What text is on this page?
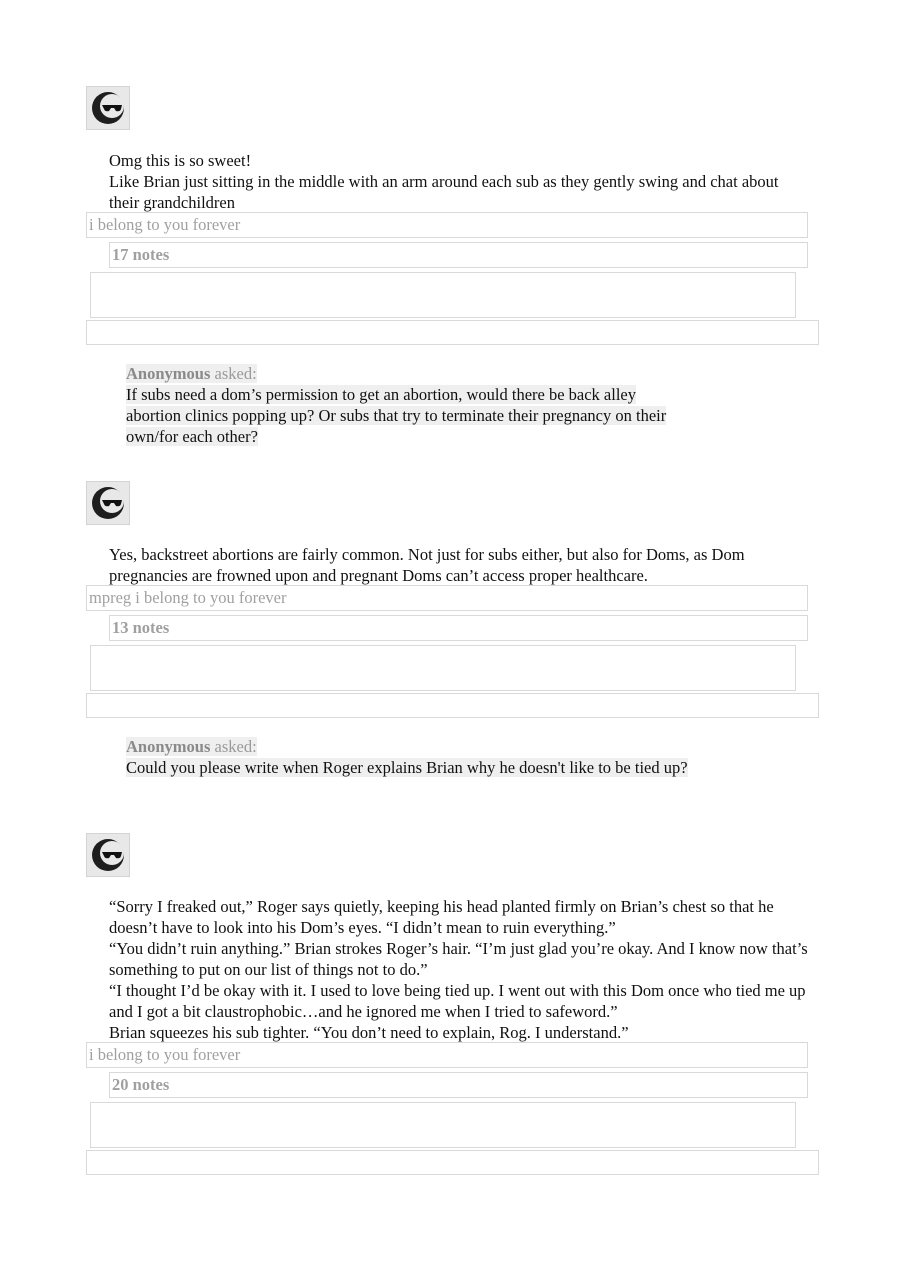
Omg this is so sweet!

Like Brian just sitting in the middle with an arm around each sub as they gently swing and chat about their grandchildren

i belong to you forever
17 notes
Anonymous asked:
If subs need a dom’s permission to get an abortion, would there be back alley abortion clinics popping up? Or subs that try to terminate their pregnancy on their own/for each other?

Yes, backstreet abortions are fairly common. Not just for subs either, but also for Doms, as Dom pregnancies are frowned upon and pregnant Doms can’t access proper healthcare.

mpreg i belong to you forever
13 notes
Anonymous asked:
Could you please write when Roger explains Brian why he doesn't like to be tied up?

“Sorry I freaked out,” Roger says quietly, keeping his head planted firmly on Brian’s chest so that he doesn’t have to look into his Dom’s eyes. “I didn’t mean to ruin everything.”

“You didn’t ruin anything.” Brian strokes Roger’s hair. “I’m just glad you’re okay. And I know now that’s something to put on our list of things not to do.”

“I thought I’d be okay with it. I used to love being tied up. I went out with this Dom once who tied me up and I got a bit claustrophobic…and he ignored me when I tried to safeword.”

Brian squeezes his sub tighter. “You don’t need to explain, Rog. I understand.”

i belong to you forever
20 notes
